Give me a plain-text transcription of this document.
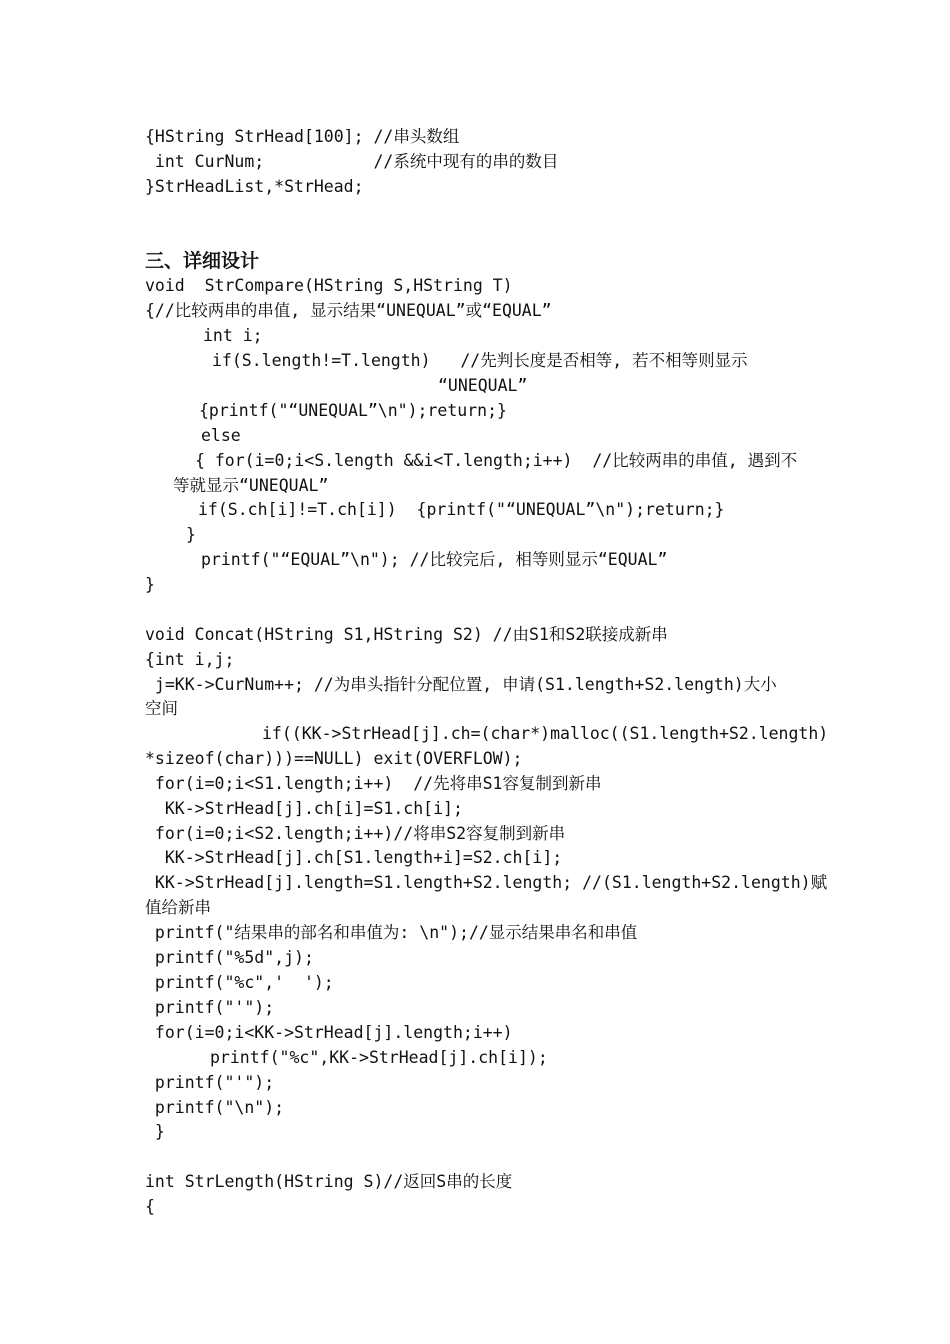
{HString StrHead[100]; //串头数组
int CurNum;           //系统中现有的串的数目
}StrHeadList,*StrHead;
三、详细设计
void  StrCompare(HString S,HString T)
{//比较两串的串值, 显示结果“UNEQUAL”或“EQUAL”
int i;
if(S.length!=T.length)   //先判长度是否相等, 若不相等则显示
“UNEQUAL”
{printf("“UNEQUAL”\n");return;}
else
{ for(i=0;i<S.length &&i<T.length;i++)  //比较两串的串值, 遇到不
等就显示“UNEQUAL”
if(S.ch[i]!=T.ch[i])  {printf("“UNEQUAL”\n");return;}
}
printf("“EQUAL”\n"); //比较完后, 相等则显示“EQUAL”
}
void Concat(HString S1,HString S2) //由S1和S2联接成新串
{int i,j;
j=KK->CurNum++; //为串头指针分配位置, 申请(S1.length+S2.length)大小
空间
if((KK->StrHead[j].ch=(char*)malloc((S1.length+S2.length)
*sizeof(char)))==NULL) exit(OVERFLOW);
for(i=0;i<S1.length;i++)  //先将串S1容复制到新串
KK->StrHead[j].ch[i]=S1.ch[i];
for(i=0;i<S2.length;i++)//将串S2容复制到新串
KK->StrHead[j].ch[S1.length+i]=S2.ch[i];
KK->StrHead[j].length=S1.length+S2.length; //(S1.length+S2.length)赋
值给新串
printf("结果串的部名和串值为: \n");//显示结果串名和串值
printf("%5d",j);
printf("%c",'  ');
printf("'");
for(i=0;i<KK->StrHead[j].length;i++)
printf("%c",KK->StrHead[j].ch[i]);
printf("'");
printf("\n");
}
int StrLength(HString S)//返回S串的长度
{
